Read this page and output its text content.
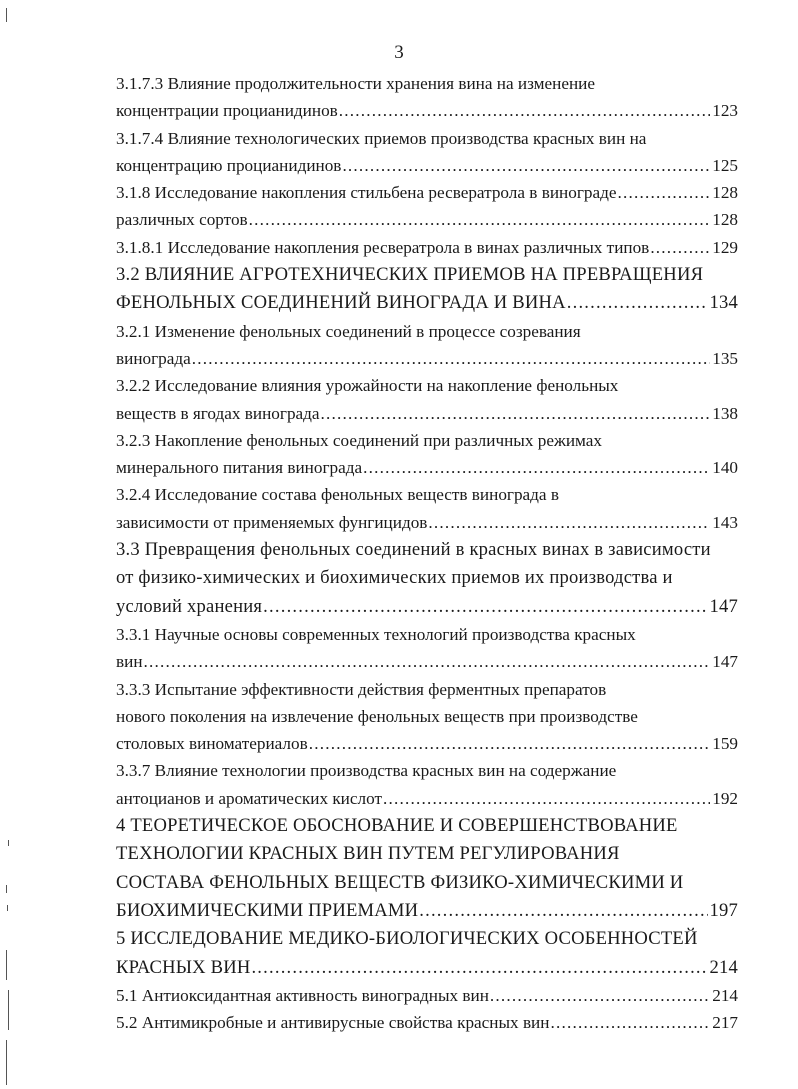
3
3.1.7.3 Влияние продолжительности хранения вина на изменение
концентрации процианидинов .....	123
3.1.7.4 Влияние технологических приемов производства красных вин на
концентрацию процианидинов .....	125
3.1.8 Исследование накопления стильбена ресвератрола в винограде .....	128
различных сортов .....	128
3.1.8.1 Исследование накопления ресвератрола в винах различных типов .....	129
3.2 ВЛИЯНИЕ АГРОТЕХНИЧЕСКИХ ПРИЕМОВ НА ПРЕВРАЩЕНИЯ
ФЕНОЛЬНЫХ СОЕДИНЕНИЙ ВИНОГРАДА И ВИНА .....	134
3.2.1 Изменение фенольных соединений в процессе созревания
винограда .....	135
3.2.2 Исследование влияния урожайности на накопление фенольных
веществ в ягодах винограда .....	138
3.2.3 Накопление фенольных соединений при различных режимах
минерального питания винограда .....	140
3.2.4 Исследование состава фенольных веществ винограда в
зависимости от применяемых фунгицидов .....	143
3.3 Превращения фенольных соединений в красных винах в зависимости
от физико-химических и биохимических приемов их производства и
условий хранения .....	147
3.3.1 Научные основы современных технологий производства красных
вин .....	147
3.3.3 Испытание эффективности действия ферментных препаратов
нового поколения на извлечение фенольных веществ при производстве
столовых виноматериалов .....	159
3.3.7 Влияние технологии производства красных вин на содержание
антоцианов и ароматических кислот .....	192
4 ТЕОРЕТИЧЕСКОЕ ОБОСНОВАНИЕ И СОВЕРШЕНСТВОВАНИЕ
ТЕХНОЛОГИИ КРАСНЫХ ВИН ПУТЕМ РЕГУЛИРОВАНИЯ
СОСТАВА ФЕНОЛЬНЫХ ВЕЩЕСТВ ФИЗИКО-ХИМИЧЕСКИМИ И
БИОХИМИЧЕСКИМИ ПРИЕМАМИ .....	197
5 ИССЛЕДОВАНИЕ МЕДИКО-БИОЛОГИЧЕСКИХ ОСОБЕННОСТЕЙ
КРАСНЫХ ВИН .....	214
5.1 Антиоксидантная активность виноградных вин .....	214
5.2 Антимикробные и антивирусные свойства красных вин .....	217
